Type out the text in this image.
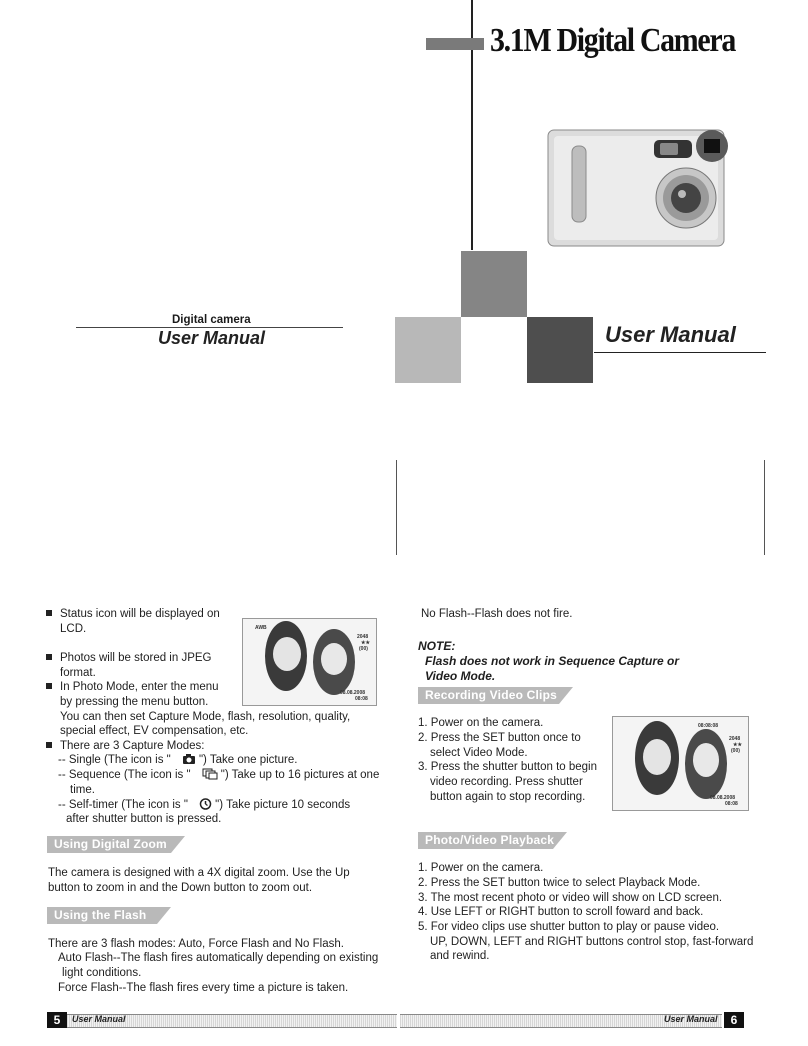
3.1M Digital Camera
User Manual
Digital camera
User Manual
Status icon will be displayed on
LCD.
Photos will be stored in JPEG
format.
In Photo Mode, enter the menu
by pressing the menu button.
You can then set Capture Mode, flash, resolution, quality,
special effect, EV compensation, etc.
There are 3 Capture Modes:
-- Single (The icon is " ") Take one picture.
-- Sequence (The icon is "	") Take up to 16 pictures at one
time.
-- Self-timer (The icon is " ") Take picture 10 seconds
after shutter button is pressed.
AWB
2048
★★
(00)
08.08.2008
08:08
Using Digital Zoom
The camera is designed with a 4X digital zoom. Use the Up
button to zoom in and the Down button to zoom out.
Using the Flash
There are 3 flash modes: Auto, Force Flash and No Flash.
Auto Flash--The flash fires automatically depending on existing
light conditions.
Force Flash--The flash fires every time a picture is taken.
No Flash--Flash does not fire.
NOTE:
Flash does not work in Sequence Capture or
Video Mode.
Recording Video Clips
1. Power on the camera.
2. Press the SET button once to
select Video Mode.
3. Press the shutter button to begin
video recording. Press shutter
button again to stop recording.
08:08:08
2048
★★
(00)
08.08.2008
08:08
Photo/Video Playback
1. Power on the camera.
2. Press the SET button twice to select Playback Mode.
3. The most recent photo or video will show on LCD screen.
4. Use LEFT or RIGHT button to scroll foward and back.
5. For video clips use shutter button to play or pause video.
UP, DOWN, LEFT and RIGHT buttons control stop, fast-forward
and rewind.
5	User Manual	User Manual	6
